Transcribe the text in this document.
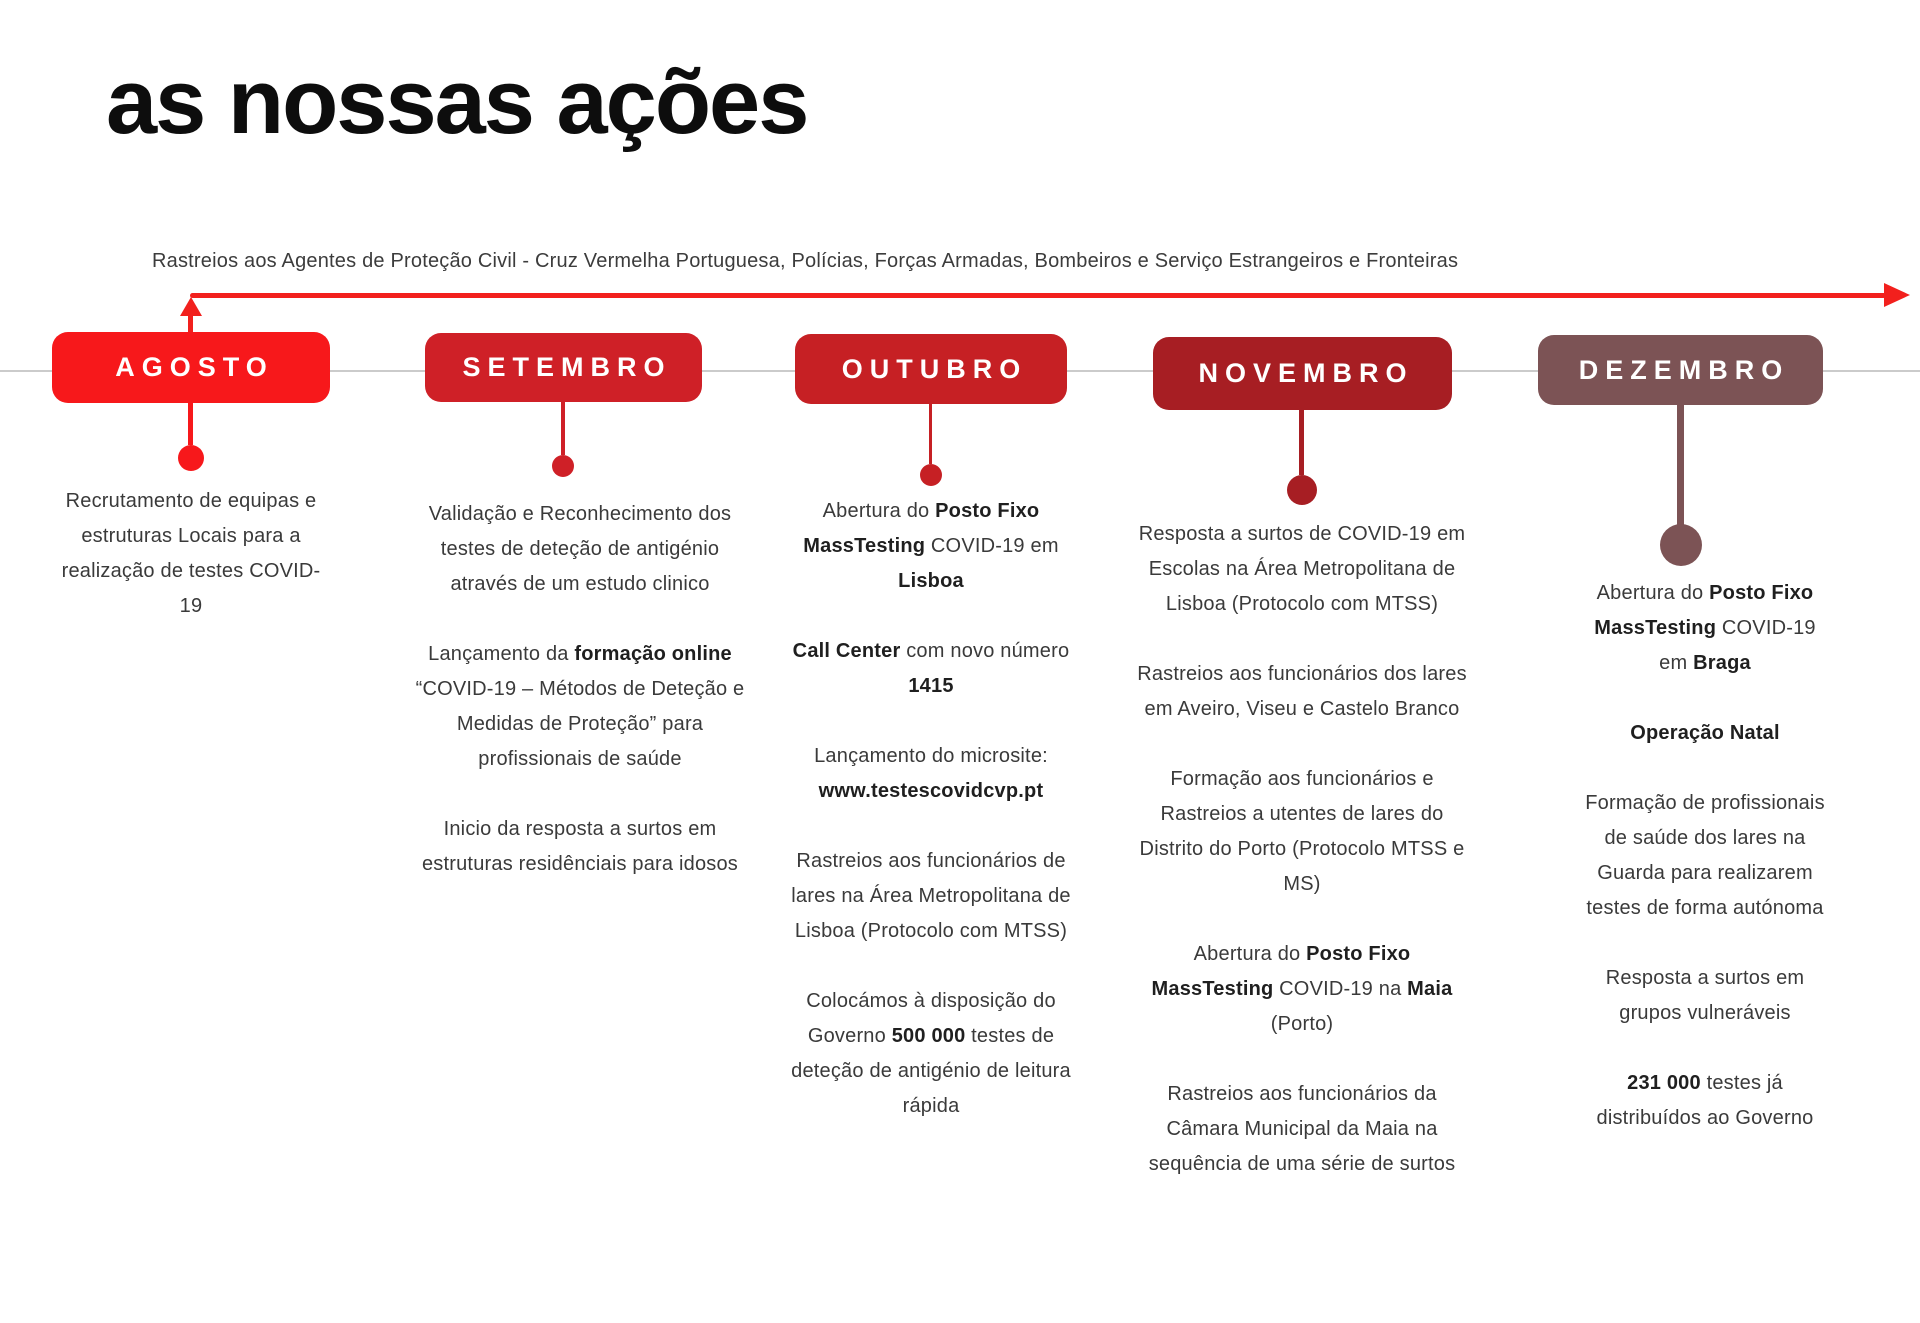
as nossas ações
Rastreios aos Agentes de Proteção Civil - Cruz Vermelha Portuguesa, Polícias, Forças Armadas, Bombeiros e Serviço Estrangeiros e Fronteiras
AGOSTO

Recrutamento de equipas e estruturas Locais para a realização de testes COVID-19

SETEMBRO

Validação e Reconhecimento dos testes de deteção de antigénio através de um estudo clinico

Lançamento da formação online “COVID-19 – Métodos de Deteção e Medidas de Proteção” para profissionais de saúde

Inicio da resposta a surtos em estruturas residênciais para idosos

OUTUBRO

Abertura do Posto Fixo MassTesting COVID-19 em Lisboa

Call Center com novo número 1415

Lançamento do microsite: www.testescovidcvp.pt

Rastreios aos funcionários de lares na Área Metropolitana de Lisboa (Protocolo com MTSS)

Colocámos à disposição do Governo 500 000 testes de deteção de antigénio de leitura rápida

NOVEMBRO

Resposta a surtos de COVID-19 em Escolas na Área Metropolitana de Lisboa (Protocolo com MTSS)

Rastreios aos funcionários dos lares em Aveiro, Viseu e Castelo Branco

Formação aos funcionários e Rastreios a utentes de lares do Distrito do Porto (Protocolo MTSS e MS)

Abertura do Posto Fixo MassTesting COVID-19 na Maia (Porto)

Rastreios aos funcionários da Câmara Municipal da Maia na sequência de uma série de surtos

DEZEMBRO

Abertura do Posto Fixo MassTesting COVID-19 em Braga

Operação Natal

Formação de profissionais de saúde dos lares na Guarda para realizarem testes de forma autónoma

Resposta a surtos em grupos vulneráveis

231 000 testes já distribuídos ao Governo
